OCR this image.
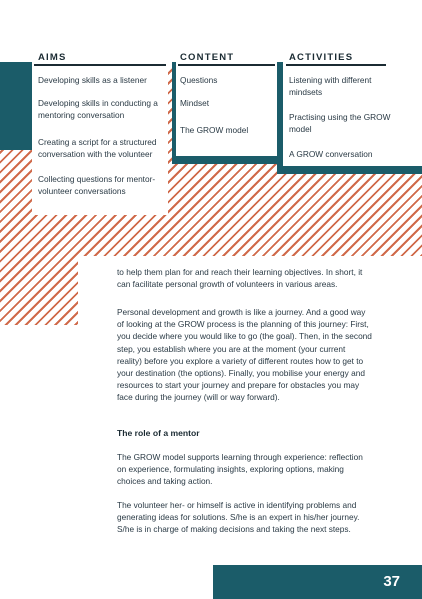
AIMS
Developing skills as a listener
Developing skills in conducting a mentoring conversation
Creating a script for a structured conversation with the volunteer
Collecting questions for mentor-volunteer conversations
CONTENT
Questions
Mindset
The GROW model
ACTIVITIES
Listening with different mindsets
Practising using the GROW model
A GROW conversation

to help them plan for and reach their learning objectives. In short, it can facilitate personal growth of volunteers in various areas.

Personal development and growth is like a journey. And a good way of looking at the GROW process is the planning of this journey: First, you decide where you would like to go (the goal). Then, in the second step, you establish where you are at the moment (your current reality) before you explore a variety of different routes how to get to your destination (the options). Finally, you mobilise your energy and resources to start your journey and prepare for obstacles you may face during the journey (will or way forward).

The role of a mentor

The GROW model supports learning through experience: reflection on experience, formulating insights, exploring options, making choices and taking action.

The volunteer her- or himself is active in identifying problems and generating ideas for solutions. S/he is an expert in his/her journey. S/he is in charge of making decisions and taking the next steps.

37
